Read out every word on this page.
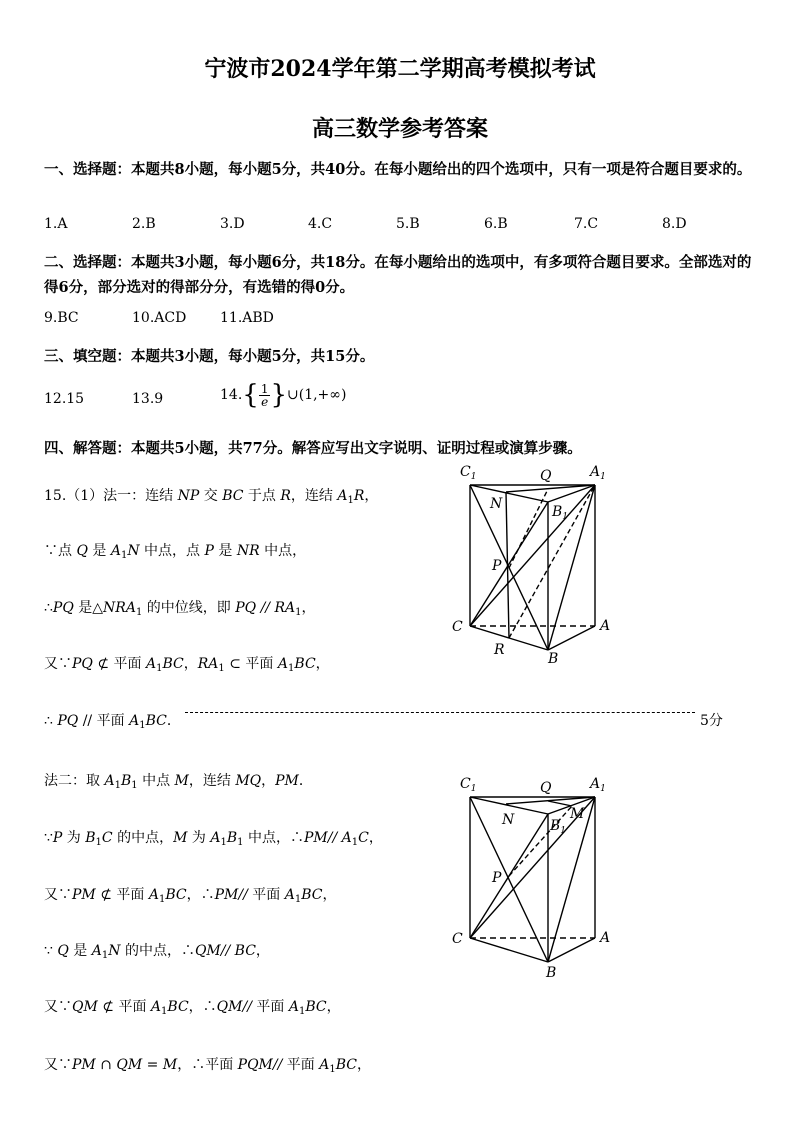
宁波市2024学年第二学期高考模拟考试
高三数学参考答案
一、选择题：本题共8小题，每小题5分，共40分。在每小题给出的四个选项中，只有一项是符合题目要求的。
1.A	2.B	3.D	4.C	5.B	6.B	7.C	8.D
二、选择题：本题共3小题，每小题6分，共18分。在每小题给出的选项中，有多项符合题目要求。全部选对的得6分，部分选对的得部分分，有选错的得0分。
9.BC	10.ACD 11.ABD
三、填空题：本题共3小题，每小题5分，共15分。
12.15	13.9	$14.\{ \frac{1}{e}$ }∪(1,+∞)
四、解答题：本题共5小题，共77分。解答应写出文字说明、证明过程或演算步骤。
15.（1）法一：连结 NP 交 BC 于点 R，连结 $A_1R$，
∵点 Q 是 $A_1N$ 中点，点 P 是 NR 中点，
∴PQ 是$\triangle NRA_1$ 的中位线，即 PQ // $RA_1$，
又∵PQ ⊄ 平面 $A_1BC$，$RA_1$ ⊂ 平面 $A_1BC$，
∴ PQ // 平面 $A_1BC$．	5分
法二：取 $A_1B_1$ 中点 M，连结 MQ，PM．
∵P 为 $B_1C$ 的中点，M 为 $A_1B_1$ 中点，∴PM// $A_1C$，
又∵PM ⊄ 平面 $A_1BC$，∴PM// 平面 $A_1BC$，
∵ Q 是 $A_1N$ 的中点，∴QM// BC，
又∵QM ⊄ 平面 $A_1BC$，∴QM// 平面 $A_1BC$，
又∵PM ∩ QM = M，∴平面 PQM// 平面 $A_1BC$，
$C_1$	Q	$A_1$
N	$B_1$
P
C	A
R
B
$C_1$	Q	$A_1$
N	$B_1$
M
P
C	A
B
